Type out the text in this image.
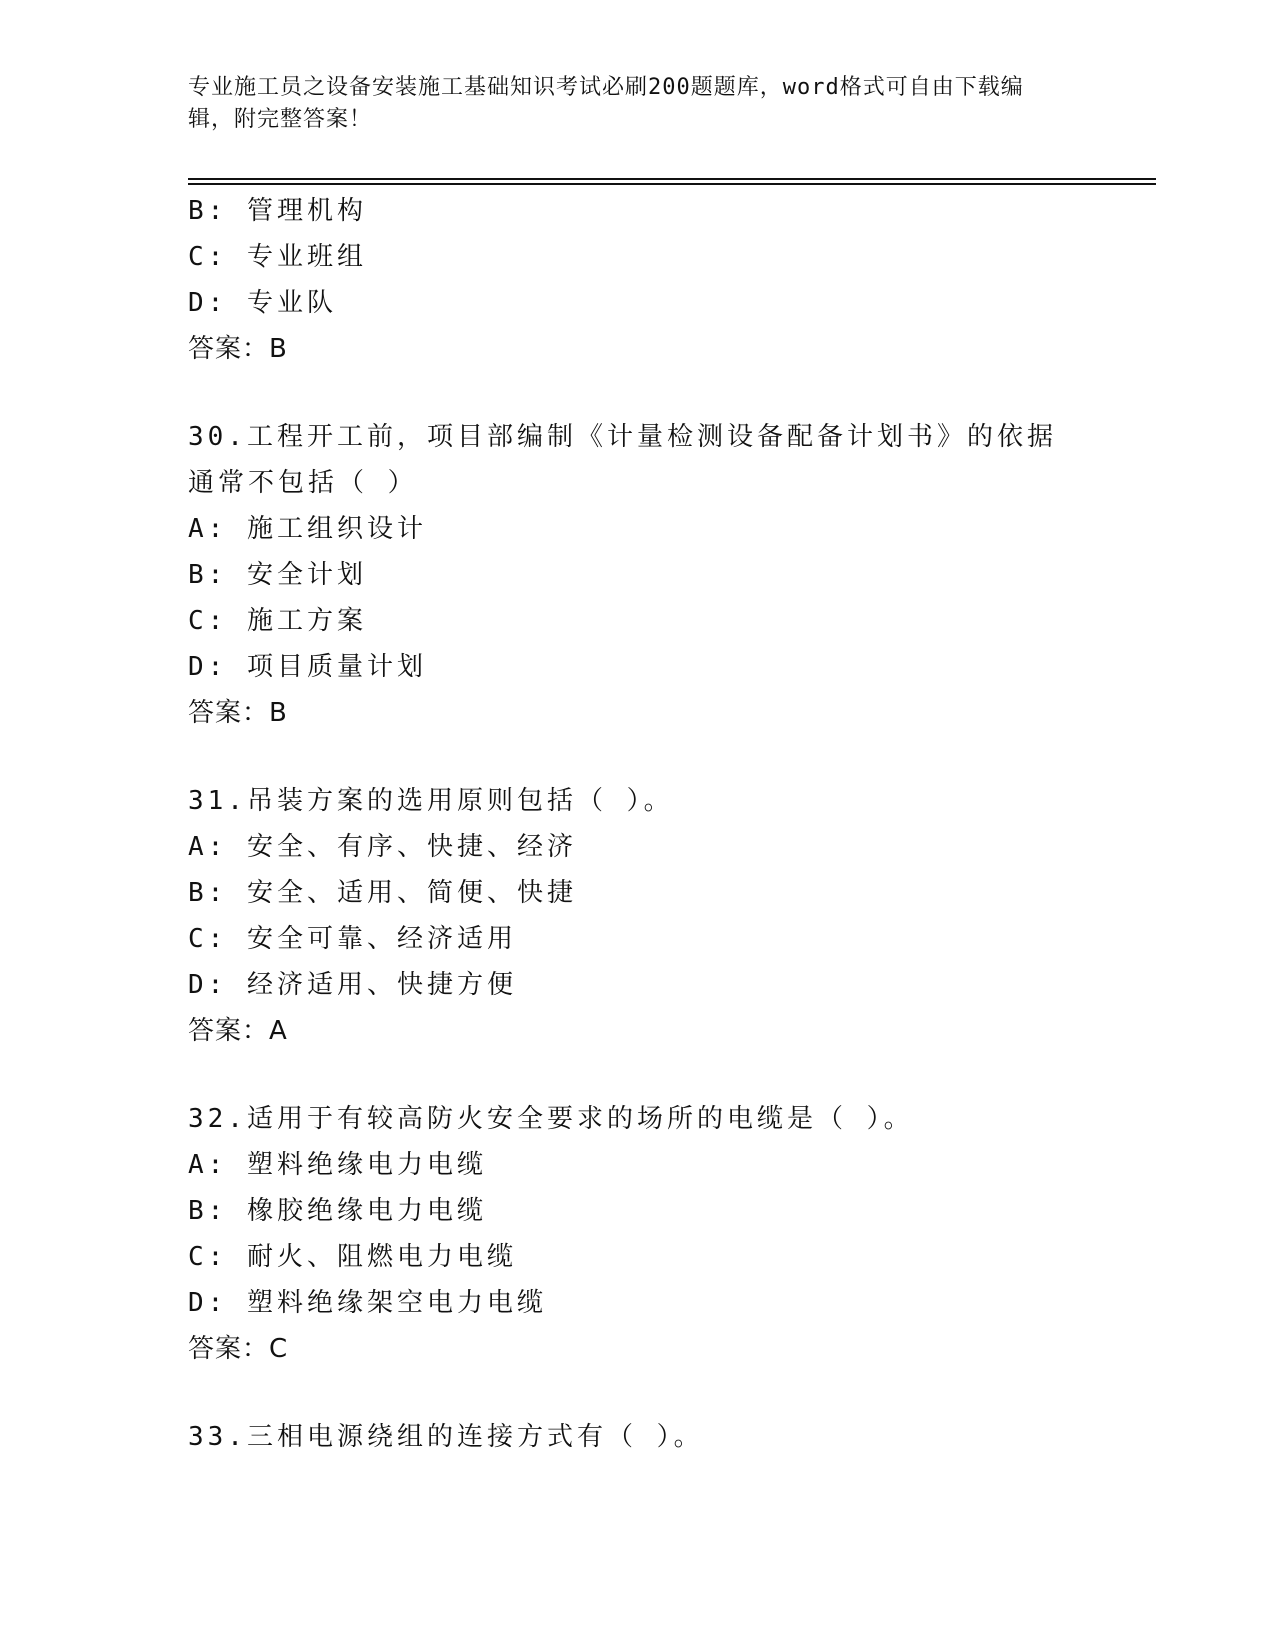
专业施工员之设备安装施工基础知识考试必刷200题题库，word格式可自由下载编辑，附完整答案！
B: 管理机构
C: 专业班组
D: 专业队
答案：B
30.工程开工前，项目部编制《计量检测设备配备计划书》的依据通常不包括（ ）
A: 施工组织设计
B: 安全计划
C: 施工方案
D: 项目质量计划
答案：B
31.吊装方案的选用原则包括（ ）。
A: 安全、有序、快捷、经济
B: 安全、适用、简便、快捷
C: 安全可靠、经济适用
D: 经济适用、快捷方便
答案：A
32.适用于有较高防火安全要求的场所的电缆是（ ）。
A: 塑料绝缘电力电缆
B: 橡胶绝缘电力电缆
C: 耐火、阻燃电力电缆
D: 塑料绝缘架空电力电缆
答案：C
33.三相电源绕组的连接方式有（ ）。
